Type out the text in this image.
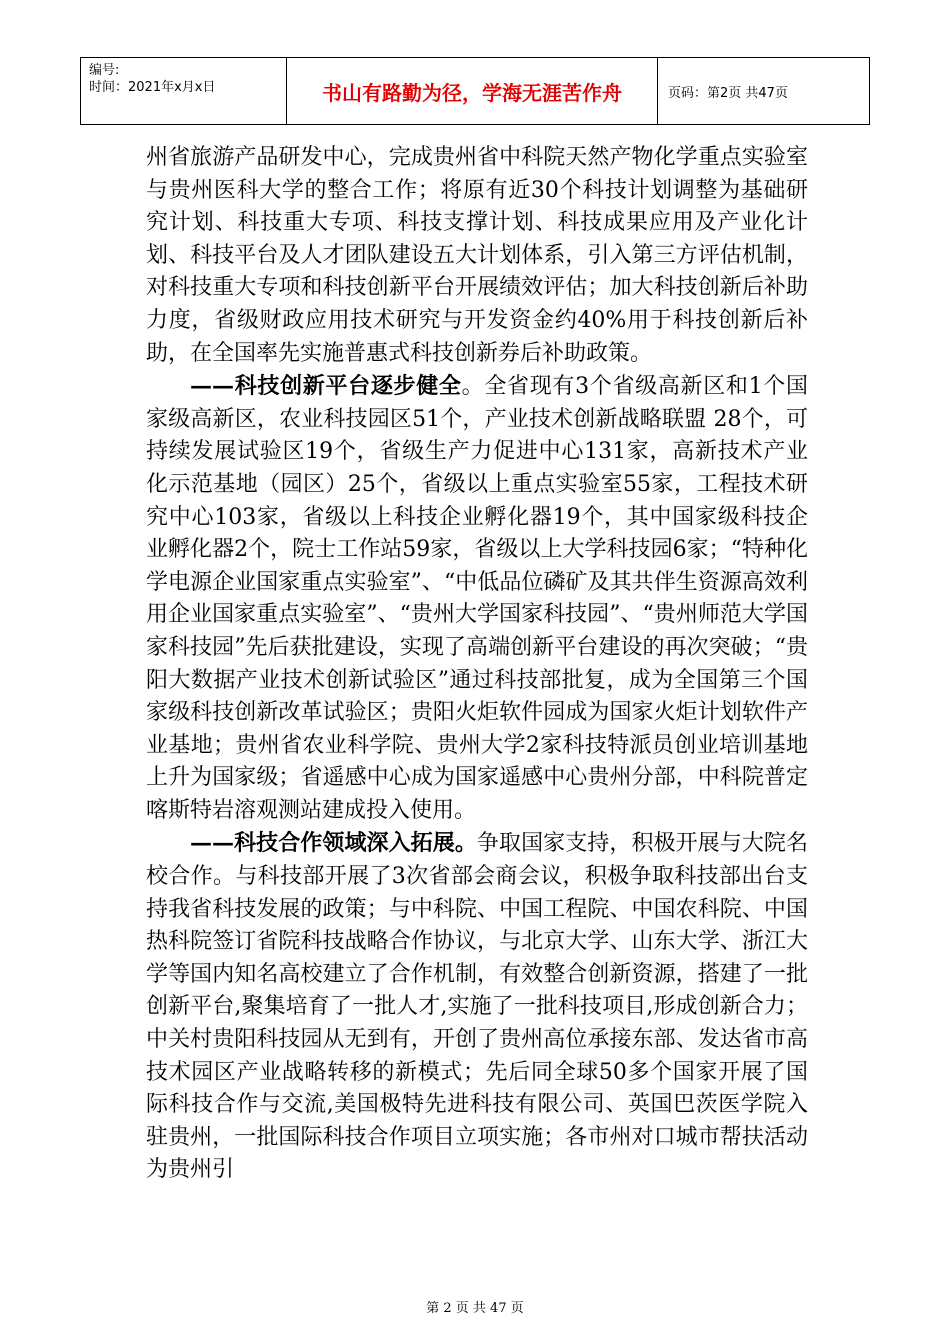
编号:
时间：2021年x月x日	书山有路勤为径，学海无涯苦作舟	页码：第2页 共47页

州省旅游产品研发中心，完成贵州省中科院天然产物化学重点实验室与贵州医科大学的整合工作；将原有近30个科技计划调整为基础研究计划、科技重大专项、科技支撑计划、科技成果应用及产业化计划、科技平台及人才团队建设五大计划体系，引入第三方评估机制，对科技重大专项和科技创新平台开展绩效评估；加大科技创新后补助力度，省级财政应用技术研究与开发资金约40%用于科技创新后补助，在全国率先实施普惠式科技创新券后补助政策。

——科技创新平台逐步健全。全省现有3个省级高新区和1个国家级高新区，农业科技园区51个，产业技术创新战略联盟 28个，可持续发展试验区19个，省级生产力促进中心131家，高新技术产业化示范基地（园区）25个，省级以上重点实验室55家，工程技术研究中心103家，省级以上科技企业孵化器19个，其中国家级科技企业孵化器2个，院士工作站59家，省级以上大学科技园6家；“特种化学电源企业国家重点实验室”、“中低品位磷矿及其共伴生资源高效利用企业国家重点实验室”、“贵州大学国家科技园”、“贵州师范大学国家科技园”先后获批建设，实现了高端创新平台建设的再次突破；“贵阳大数据产业技术创新试验区”通过科技部批复，成为全国第三个国家级科技创新改革试验区；贵阳火炬软件园成为国家火炬计划软件产业基地；贵州省农业科学院、贵州大学2家科技特派员创业培训基地上升为国家级；省遥感中心成为国家遥感中心贵州分部，中科院普定喀斯特岩溶观测站建成投入使用。

——科技合作领域深入拓展。争取国家支持，积极开展与大院名校合作。与科技部开展了3次省部会商会议，积极争取科技部出台支持我省科技发展的政策；与中科院、中国工程院、中国农科院、中国热科院签订省院科技战略合作协议，与北京大学、山东大学、浙江大学等国内知名高校建立了合作机制，有效整合创新资源，搭建了一批创新平台,聚集培育了一批人才,实施了一批科技项目,形成创新合力；中关村贵阳科技园从无到有，开创了贵州高位承接东部、发达省市高技术园区产业战略转移的新模式；先后同全球50多个国家开展了国际科技合作与交流,美国极特先进科技有限公司、英国巴茨医学院入驻贵州，一批国际科技合作项目立项实施；各市州对口城市帮扶活动为贵州引

第 2 页 共 47 页
